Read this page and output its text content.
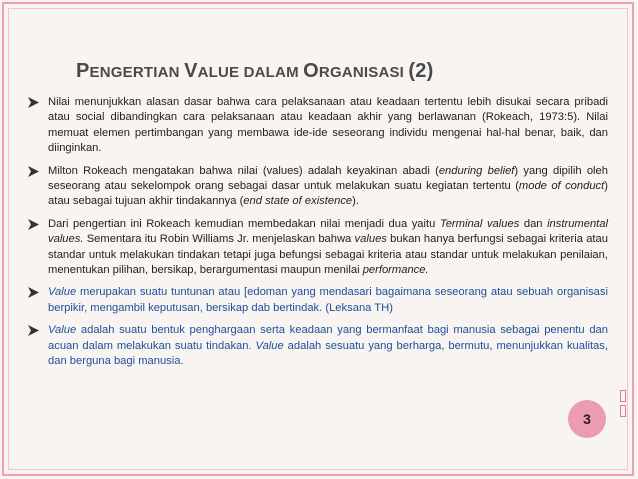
PENGERTIAN VALUE DALAM ORGANISASI (2)
Nilai menunjukkan alasan dasar bahwa cara pelaksanaan atau keadaan tertentu lebih disukai secara pribadi atau social dibandingkan cara pelaksanaan atau keadaan akhir yang berlawanan (Rokeach, 1973:5). Nilai memuat elemen pertimbangan yang membawa ide-ide seseorang individu mengenai hal-hal benar, baik, dan diinginkan.
Milton Rokeach mengatakan bahwa nilai (values) adalah keyakinan abadi (enduring belief) yang dipilih oleh seseorang atau sekelompok orang sebagai dasar untuk melakukan suatu kegiatan tertentu (mode of conduct) atau sebagai tujuan akhir tindakannya (end state of existence).
Dari pengertian ini Rokeach kemudian membedakan nilai menjadi dua yaitu Terminal values dan instrumental values. Sementara itu Robin Williams Jr. menjelaskan bahwa values bukan hanya berfungsi sebagai kriteria atau standar untuk melakukan tindakan tetapi juga befungsi sebagai kriteria atau standar untuk melakukan penilaian, menentukan pilihan, bersikap, berargumentasi maupun menilai performance.
Value merupakan suatu tuntunan atau [edoman yang mendasari bagaimana seseorang atau sebuah organisasi berpikir, mengambil keputusan, bersikap dab bertindak. (Leksana TH)
Value adalah suatu bentuk penghargaan serta keadaan yang bermanfaat bagi manusia sebagai penentu dan acuan dalam melakukan suatu tindakan. Value adalah sesuatu yang berharga, bermutu, menunjukkan kualitas, dan berguna bagi manusia.
3
